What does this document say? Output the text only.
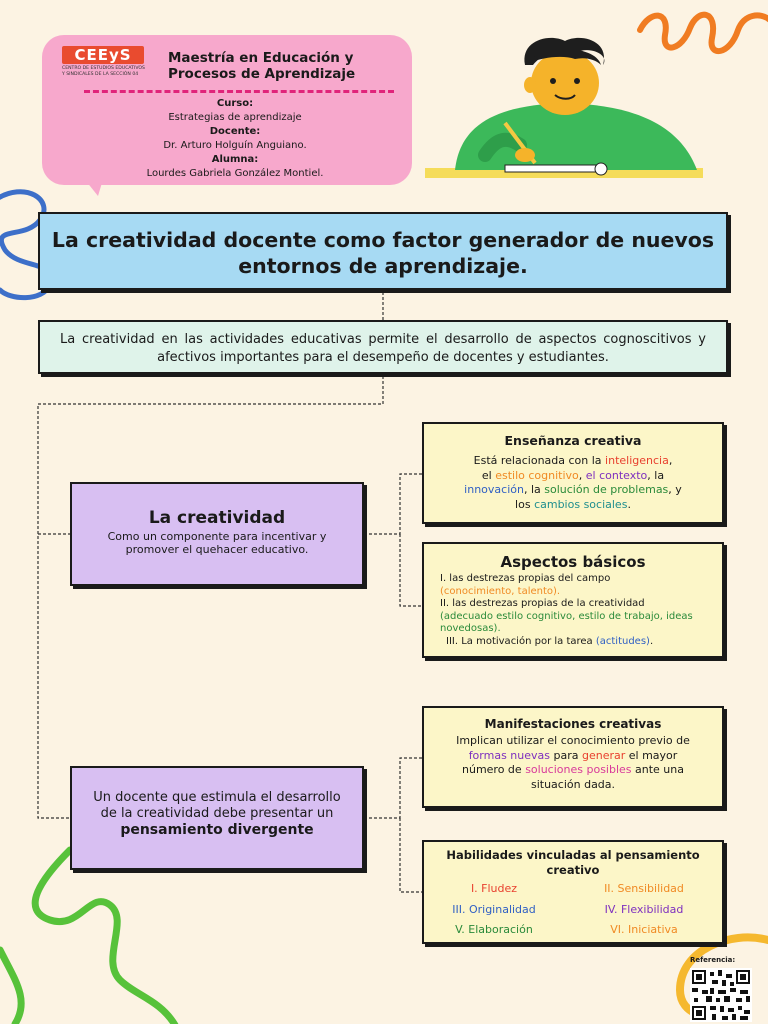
CEEyS
CENTRO DE ESTUDIOS EDUCATIVOS Y SINDICALES DE LA SECCIÓN 04
Maestría en Educación y Procesos de Aprendizaje
Curso:
Estrategias de aprendizaje
Docente:
Dr. Arturo Holguín Anguiano.
Alumna:
Lourdes Gabriela González Montiel.
La creatividad docente como factor generador de nuevos entornos de aprendizaje.
La creatividad en las actividades educativas permite el desarrollo de aspectos cognoscitivos y afectivos importantes para el desempeño de docentes y estudiantes.
La creatividad
Como un componente para incentivar y promover el quehacer educativo.
Enseñanza creativa
Está relacionada con la inteligencia,
el estilo cognitivo, el contexto, la
innovación, la solución de problemas, y
los cambios sociales.
Aspectos básicos
I. las destrezas propias del campo
(conocimiento, talento).
II. las destrezas propias de la creatividad
(adecuado estilo cognitivo, estilo de trabajo, ideas novedosas).
III. La motivación por la tarea (actitudes).
Un docente que estimula el desarrollo de la creatividad debe presentar un
pensamiento divergente
Manifestaciones creativas
Implican utilizar el conocimiento previo de
formas nuevas para generar el mayor
número de soluciones posibles ante una
situación dada.
Habilidades vinculadas al pensamiento creativo
I. Fludez	II. Sensibilidad
III. Originalidad	IV. Flexibilidad
V. Elaboración	VI. Iniciativa
Referencia:
